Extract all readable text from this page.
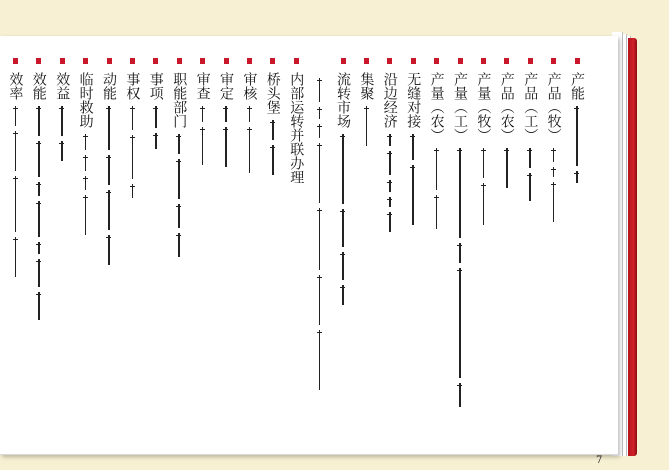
产能
产品（牧）
产品（工）
产品（农）
产量（牧）
产量（工）
产量（农）
无缝对接
沿边经济
集聚
流转市场
内部运转并联办理
桥头堡
审核
审定
审查
职能部门
事项
事权
动能
临时救助
效益
效能
效率
7
